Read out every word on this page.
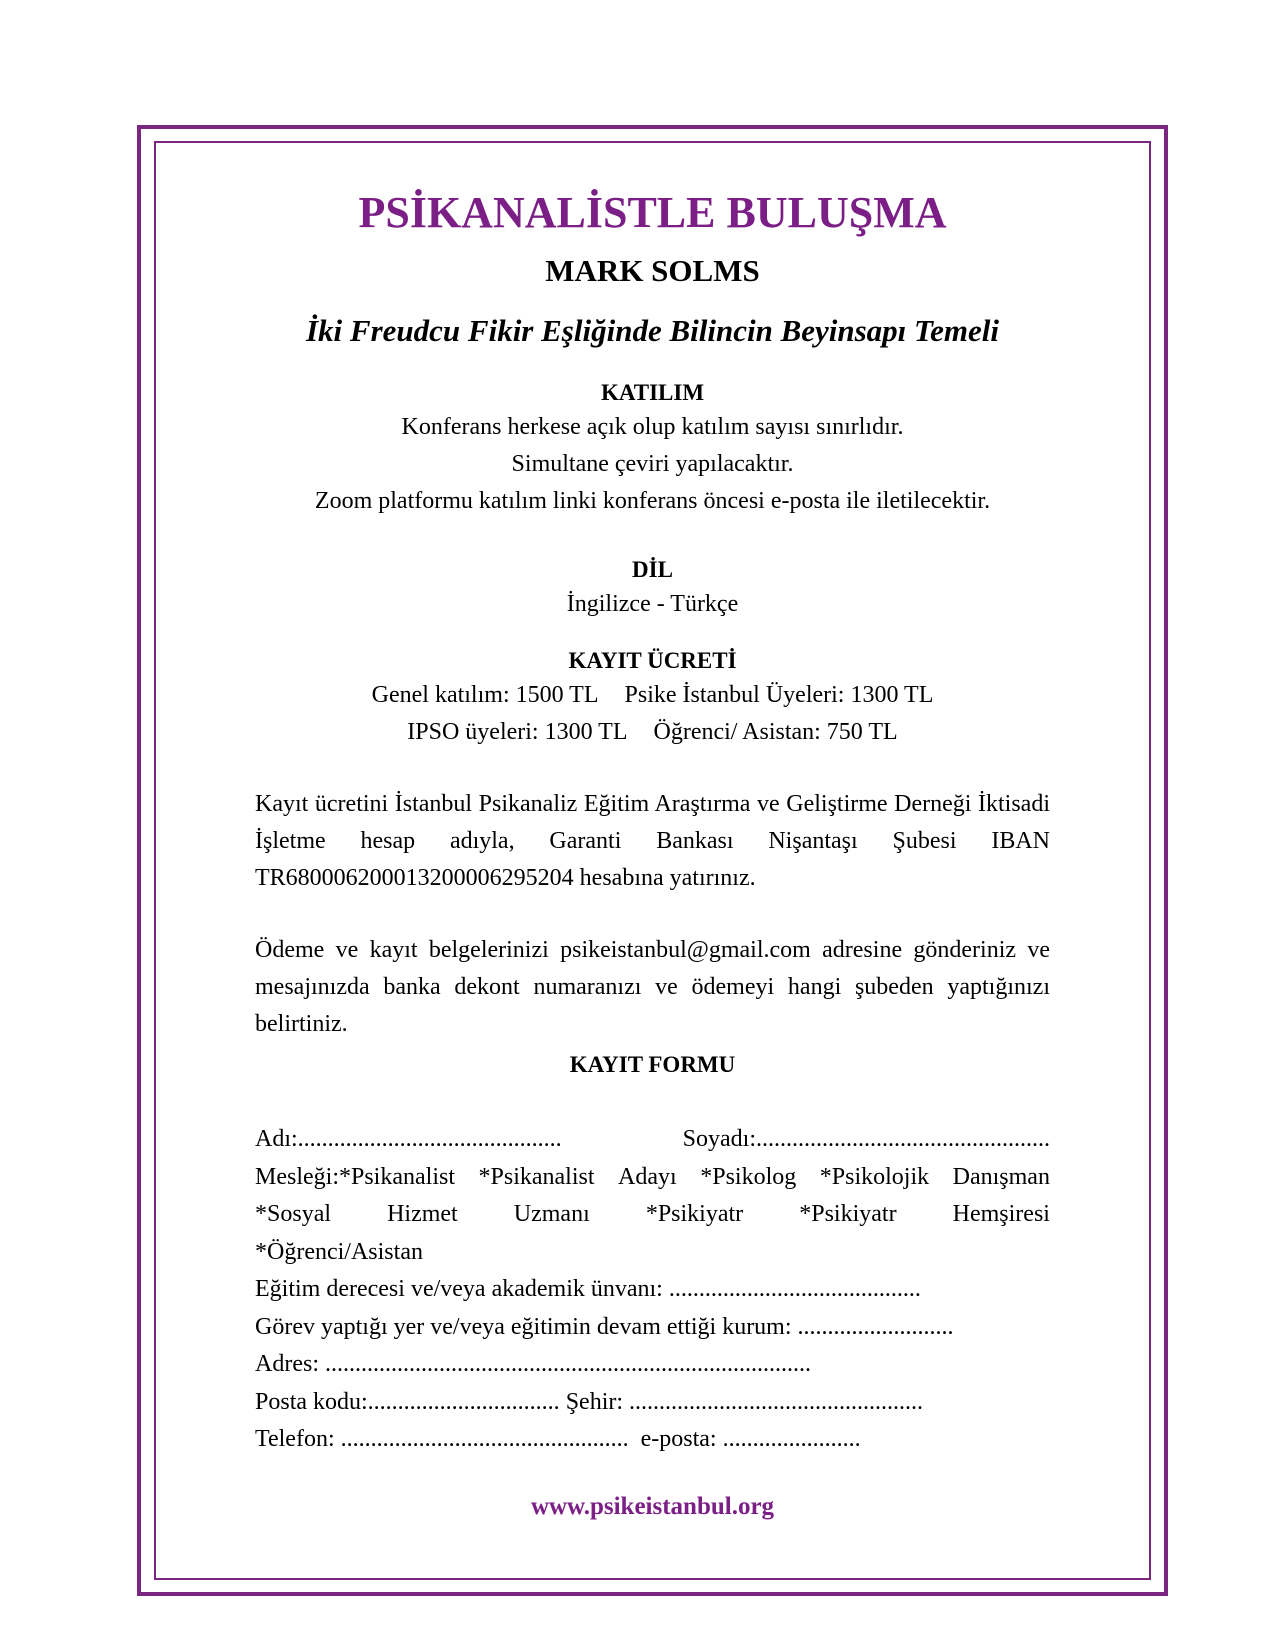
PSİKANALİSTLE BULUŞMA
MARK SOLMS
İki Freudcu Fikir Eşliğinde Bilincin Beyinsapı Temeli
KATILIM
Konferans herkese açık olup katılım sayısı sınırlıdır.
Simultane çeviri yapılacaktır.
Zoom platformu katılım linki konferans öncesi e-posta ile iletilecektir.
DİL
İngilizce - Türkçe
KAYIT ÜCRETİ
Genel katılım: 1500 TL Psike İstanbul Üyeleri: 1300 TL
IPSO üyeleri: 1300 TL Öğrenci/ Asistan: 750 TL
Kayıt ücretini İstanbul Psikanaliz Eğitim Araştırma ve Geliştirme Derneği İktisadi İşletme hesap adıyla, Garanti Bankası Nişantaşı Şubesi IBAN TR680006200013200006295204 hesabına yatırınız.
Ödeme ve kayıt belgelerinizi psikeistanbul@gmail.com adresine gönderiniz ve mesajınızda banka dekont numaranızı ve ödemeyi hangi şubeden yaptığınızı belirtiniz.
KAYIT FORMU
Adı:............................................	Soyadı:.................................................
Mesleği:*Psikanalist *Psikanalist Adayı *Psikolog *Psikolojik Danışman
*Sosyal Hizmet Uzmanı *Psikiyatr *Psikiyatr Hemşiresi
*Öğrenci/Asistan
Eğitim derecesi ve/veya akademik ünvanı: ..........................................
Görev yaptığı yer ve/veya eğitimin devam ettiği kurum: ..........................
Adres: .................................................................................
Posta kodu:................................ Şehir: .................................................
Telefon: ................................................ e-posta: .......................
www.psikeistanbul.org
